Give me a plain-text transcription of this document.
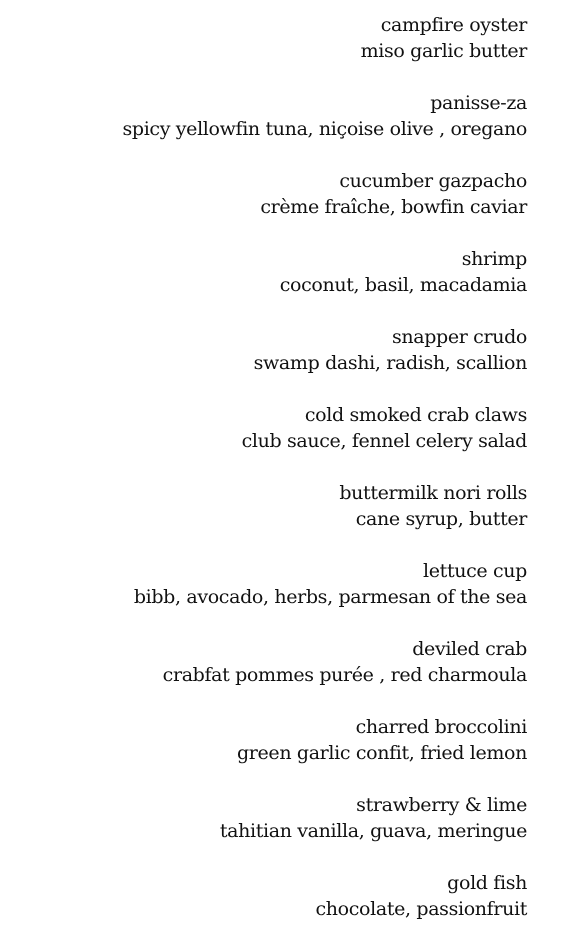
campfire oyster
miso garlic butter
panisse-za
spicy yellowfin tuna, niçoise olive , oregano
cucumber gazpacho
crème fraîche, bowfin caviar
shrimp
coconut, basil, macadamia
snapper crudo
swamp dashi, radish, scallion
cold smoked crab claws
club sauce, fennel celery salad
buttermilk nori rolls
cane syrup, butter
lettuce cup
bibb, avocado, herbs, parmesan of the sea
deviled crab
crabfat pommes purée , red charmoula
charred broccolini
green garlic confit, fried lemon
strawberry & lime
tahitian vanilla, guava, meringue
gold fish
chocolate, passionfruit
